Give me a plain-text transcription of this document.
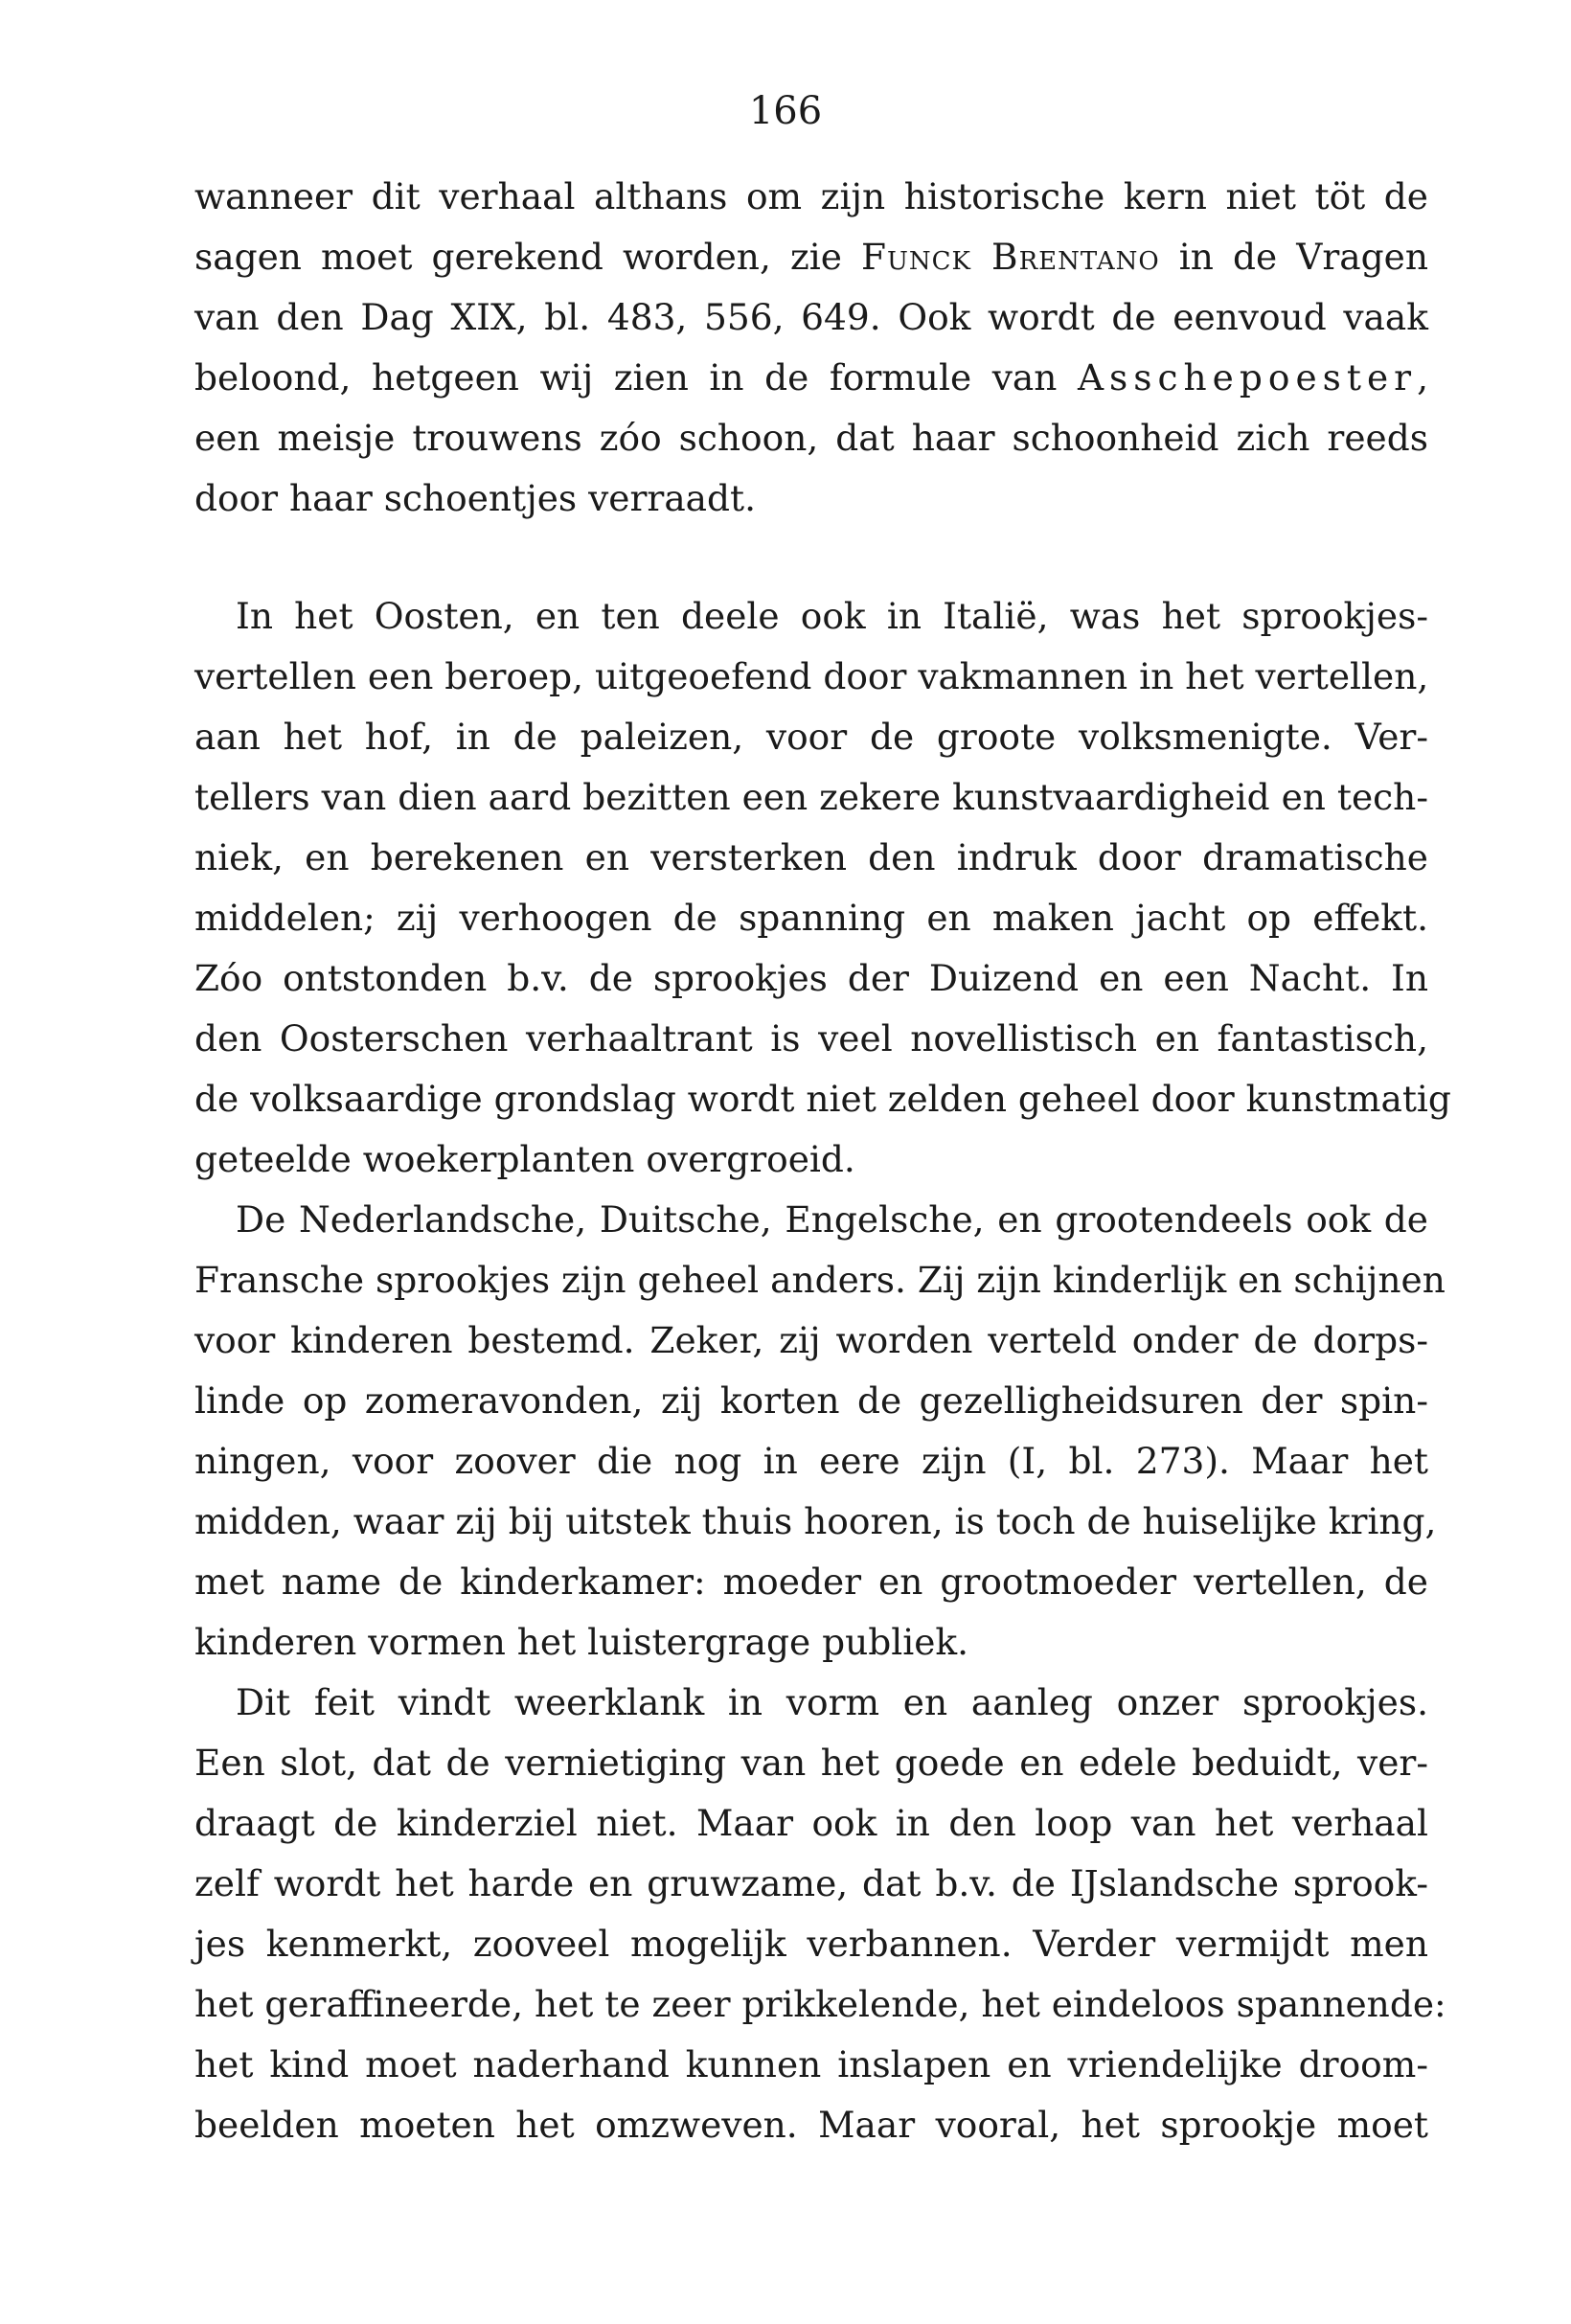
166
wanneer dit verhaal althans om zijn historische kern niet töt de
sagen moet gerekend worden, zie Funck Brentano in de Vragen
van den Dag XIX, bl. 483, 556, 649. Ook wordt de eenvoud vaak
beloond, hetgeen wij zien in de formule van Asschepoester,
een meisje trouwens zóo schoon, dat haar schoonheid zich reeds
door haar schoentjes verraadt.
In het Oosten, en ten deele ook in Italië, was het sprookjes-
vertellen een beroep, uitgeoefend door vakmannen in het vertellen,
aan het hof, in de paleizen, voor de groote volksmenigte. Ver-
tellers van dien aard bezitten een zekere kunstvaardigheid en tech-
niek, en berekenen en versterken den indruk door dramatische
middelen; zij verhoogen de spanning en maken jacht op effekt.
Zóo ontstonden b.v. de sprookjes der Duizend en een Nacht. In
den Oosterschen verhaaltrant is veel novellistisch en fantastisch,
de volksaardige grondslag wordt niet zelden geheel door kunstmatig
geteelde woekerplanten overgroeid.
De Nederlandsche, Duitsche, Engelsche, en grootendeels ook de
Fransche sprookjes zijn geheel anders. Zij zijn kinderlijk en schijnen
voor kinderen bestemd. Zeker, zij worden verteld onder de dorps-
linde op zomeravonden, zij korten de gezelligheidsuren der spin-
ningen, voor zoover die nog in eere zijn (I, bl. 273). Maar het
midden, waar zij bij uitstek thuis hooren, is toch de huiselijke kring,
met name de kinderkamer: moeder en grootmoeder vertellen, de
kinderen vormen het luistergrage publiek.
Dit feit vindt weerklank in vorm en aanleg onzer sprookjes.
Een slot, dat de vernietiging van het goede en edele beduidt, ver-
draagt de kinderziel niet. Maar ook in den loop van het verhaal
zelf wordt het harde en gruwzame, dat b.v. de IJslandsche sprook-
jes kenmerkt, zooveel mogelijk verbannen. Verder vermijdt men
het geraffineerde, het te zeer prikkelende, het eindeloos spannende:
het kind moet naderhand kunnen inslapen en vriendelijke droom-
beelden moeten het omzweven. Maar vooral, het sprookje moet
